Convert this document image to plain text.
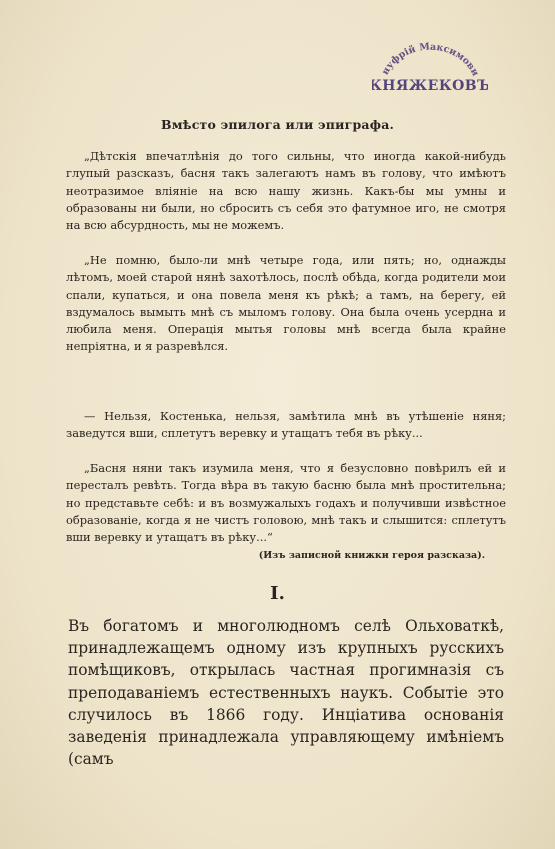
нуфрій Максимови
КНЯЖЕКОВЪ
Вмѣсто эпилога или эпиграфа.

„Дѣтскія впечатлѣнія до того сильны, что иногда какой-нибудь глупый разсказъ, басня такъ залегаютъ намъ въ голову, что имѣютъ неотразимое вліяніе на всю нашу жизнь. Какъ-бы мы умны и образованы ни были, но сбросить съ себя это фатумное иго, не смотря на всю абсурдность, мы не можемъ.

„Не помню, было-ли мнѣ четыре года, или пять; но, однажды лѣтомъ, моей старой нянѣ захотѣлось, послѣ обѣда, когда родители мои спали, купаться, и она повела меня къ рѣкѣ; а тамъ, на берегу, ей вздумалось вымыть мнѣ съ мыломъ голову. Она была очень усердна и любила меня. Операція мытья головы мнѣ всегда была крайне непріятна, и я разревѣлся.

— Нельзя, Костенька, нельзя, замѣтила мнѣ въ утѣшеніе няня; заведутся вши, сплетутъ веревку и утащатъ тебя въ рѣку...

„Басня няни такъ изумила меня, что я безусловно повѣрилъ ей и пересталъ ревѣть. Тогда вѣра въ такую басню была мнѣ простительна; но представьте себѣ: и въ возмужалыхъ годахъ и получивши извѣстное образованіе, когда я не чистъ головою, мнѣ такъ и слышится: сплетутъ вши веревку и утащатъ въ рѣку...“

(Изъ записной книжки героя разсказа).
I.

Въ богатомъ и многолюдномъ селѣ Ольховаткѣ, принадлежащемъ одному изъ крупныхъ русскихъ помѣщиковъ, открылась частная прогимназія съ преподаваніемъ естественныхъ наукъ. Событіе это случилось въ 1866 году. Инціатива основанія заведенія принадлежала управляющему имѣніемъ (самъ
